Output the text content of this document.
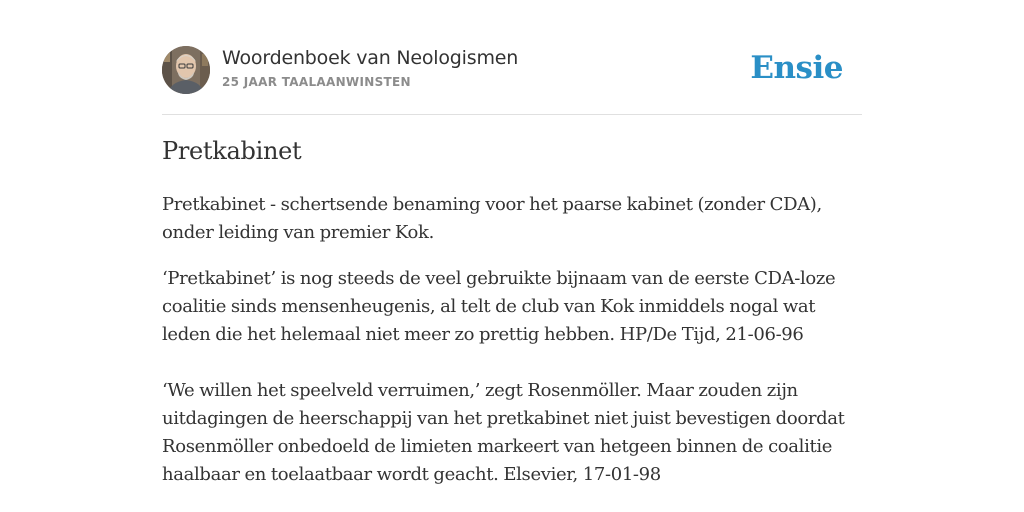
Woordenboek van Neologismen
25 JAAR TAALAANWINSTEN	Ensie
Pretkabinet

Pretkabinet - schertsende benaming voor het paarse kabinet (zonder CDA), onder leiding van premier Kok.

‘Pretkabinet’ is nog steeds de veel gebruikte bijnaam van de eerste CDA-loze coalitie sinds mensenheugenis, al telt de club van Kok inmiddels nogal wat leden die het helemaal niet meer zo prettig hebben. HP/De Tijd, 21-06-96

‘We willen het speelveld verruimen,’ zegt Rosenmöller. Maar zouden zijn uitdagingen de heerschappij van het pretkabinet niet juist bevestigen doordat Rosenmöller onbedoeld de limieten markeert van hetgeen binnen de coalitie haalbaar en toelaatbaar wordt geacht. Elsevier, 17-01-98
